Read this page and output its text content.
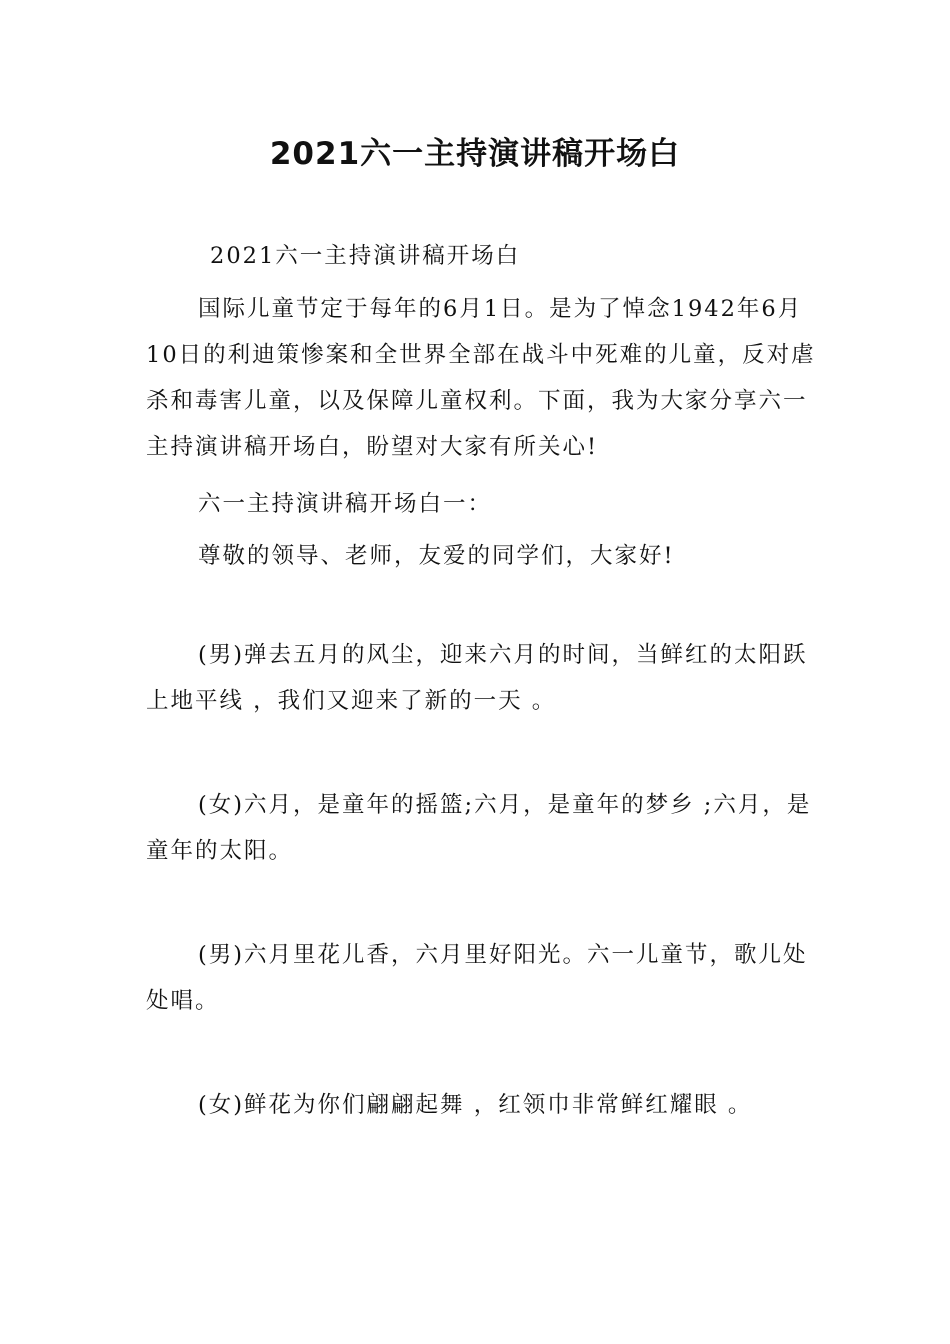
2021六一主持演讲稿开场白

2021六一主持演讲稿开场白

国际儿童节定于每年的6月1日。是为了悼念1942年6月10日的利迪策惨案和全世界全部在战斗中死难的儿童，反对虐杀和毒害儿童，以及保障儿童权利。下面，我为大家分享六一主持演讲稿开场白，盼望对大家有所关心!

六一主持演讲稿开场白一：

尊敬的领导、老师，友爱的同学们，大家好!

(男)弹去五月的风尘，迎来六月的时间，当鲜红的太阳跃上地平线 ，我们又迎来了新的一天 。

(女)六月，是童年的摇篮;六月，是童年的梦乡 ;六月，是童年的太阳。

(男)六月里花儿香，六月里好阳光。六一儿童节，歌儿处处唱。

(女)鲜花为你们翩翩起舞 ，红领巾非常鲜红耀眼 。
